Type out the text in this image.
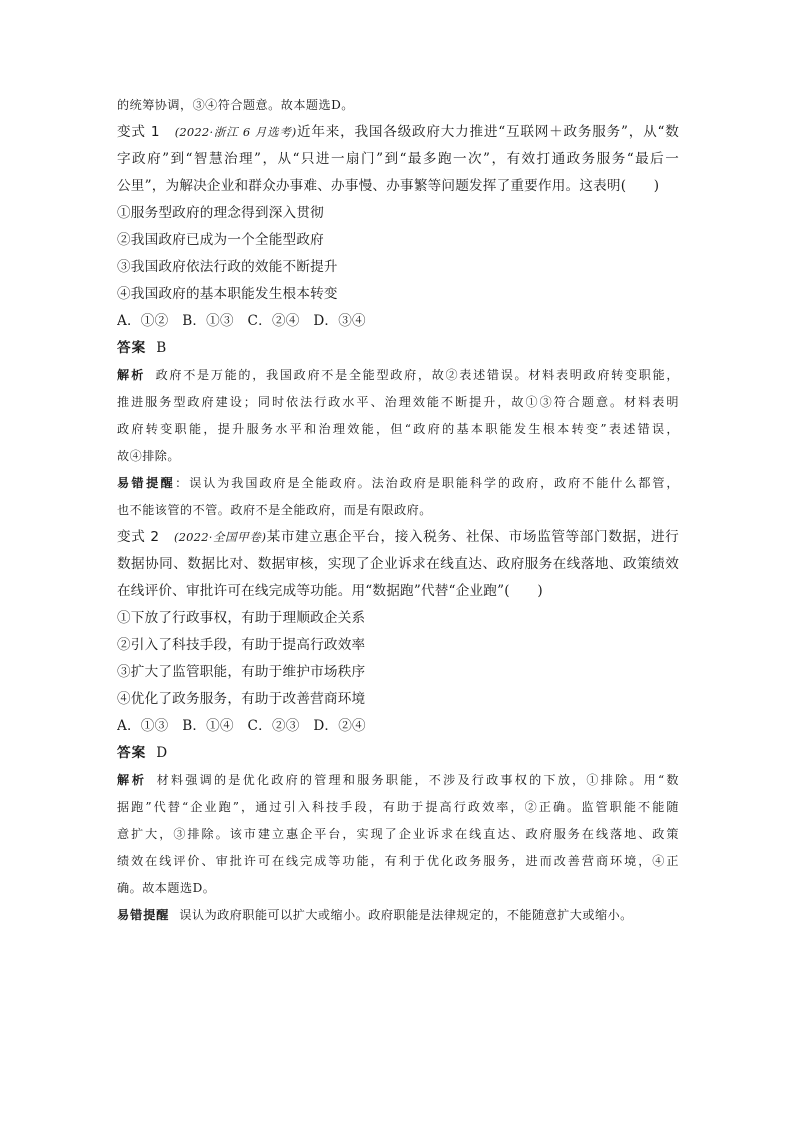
的统筹协调，③④符合题意。故本题选D。
变式 1　 (2022·浙江 6 月选考)近年来，我国各级政府大力推进“互联网＋政务服务”，从“数
字政府”到“智慧治理”，从“只进一扇门”到“最多跑一次”，有效打通政务服务“最后一
公里”，为解决企业和群众办事难、办事慢、办事繁等问题发挥了重要作用。这表明(　　)
①服务型政府的理念得到深入贯彻
②我国政府已成为一个全能型政府
③我国政府依法行政的效能不断提升
④我国政府的基本职能发生根本转变
A．①②　B．①③　C．②④　D．③④
答案 B
解析 政府不是万能的，我国政府不是全能型政府，故②表述错误。材料表明政府转变职能，
推进服务型政府建设；同时依法行政水平、治理效能不断提升，故①③符合题意。材料表明
政府转变职能，提升服务水平和治理效能，但“政府的基本职能发生根本转变”表述错误，
故④排除。
易错提醒：误认为我国政府是全能政府。法治政府是职能科学的政府，政府不能什么都管，
也不能该管的不管。政府不是全能政府，而是有限政府。
变式 2　 (2022·全国甲卷)某市建立惠企平台，接入税务、社保、市场监管等部门数据，进行
数据协同、数据比对、数据审核，实现了企业诉求在线直达、政府服务在线落地、政策绩效
在线评价、审批许可在线完成等功能。用“数据跑”代替“企业跑”(　　)
①下放了行政事权，有助于理顺政企关系
②引入了科技手段，有助于提高行政效率
③扩大了监管职能，有助于维护市场秩序
④优化了政务服务，有助于改善营商环境
A．①③　B．①④　C．②③　D．②④
答案 D
解析 材料强调的是优化政府的管理和服务职能，不涉及行政事权的下放，①排除。用“数
据跑”代替“企业跑”，通过引入科技手段，有助于提高行政效率，②正确。监管职能不能随
意扩大，③排除。该市建立惠企平台，实现了企业诉求在线直达、政府服务在线落地、政策
绩效在线评价、审批许可在线完成等功能，有利于优化政务服务，进而改善营商环境，④正
确。故本题选D。
易错提醒 误认为政府职能可以扩大或缩小。政府职能是法律规定的，不能随意扩大或缩小。
